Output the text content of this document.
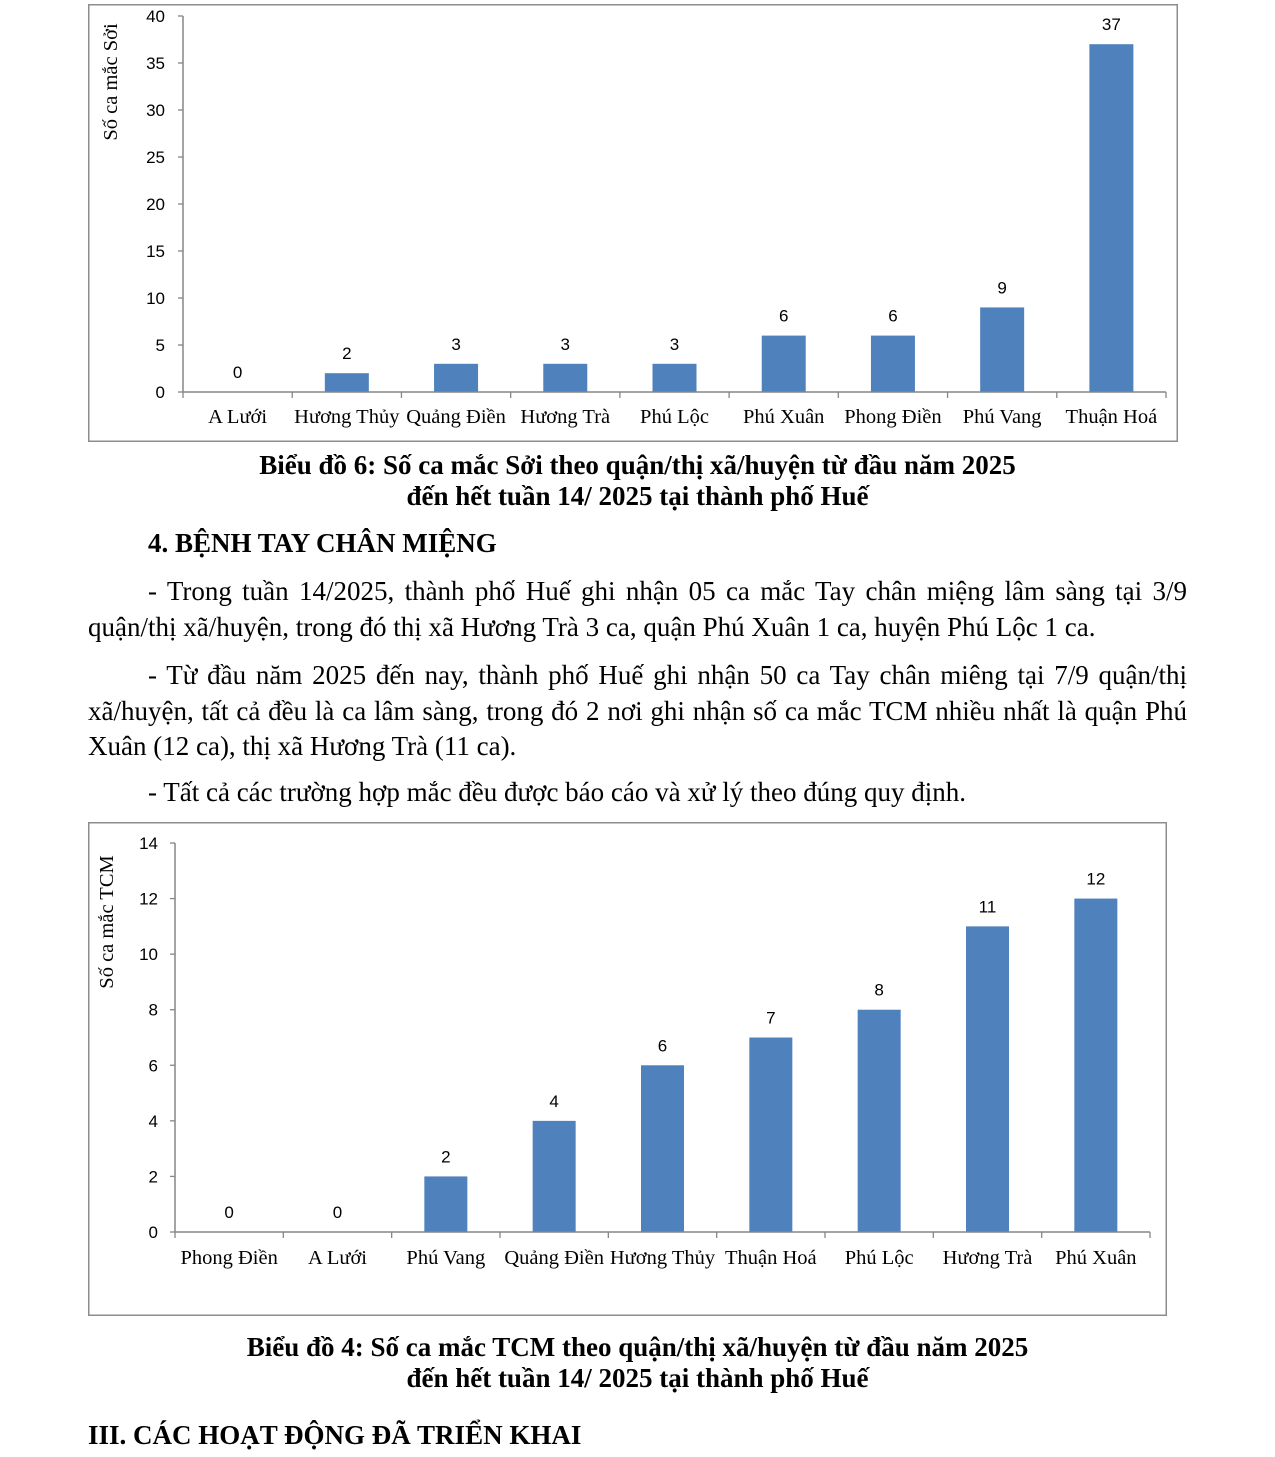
0
A Lưới
2
Hương Thủy
3
Quảng Điền
3
Hương Trà
3
Phú Lộc
6
Phú Xuân
6
Phong Điền
9
Phú Vang
37
Thuận Hoá
0
5
10
15
20
25
30
35
40
Số ca mắc Sởi
Biểu đồ 6: Số ca mắc Sởi theo quận/thị xã/huyện từ đầu năm 2025
đến hết tuần 14/ 2025 tại thành phố Huế
4. BỆNH TAY CHÂN MIỆNG

- Trong tuần 14/2025, thành phố Huế ghi nhận 05 ca mắc Tay chân miệng lâm sàng tại 3/9 quận/thị xã/huyện, trong đó thị xã Hương Trà 3 ca, quận Phú Xuân 1 ca, huyện Phú Lộc 1 ca.

- Từ đầu năm 2025 đến nay, thành phố Huế ghi nhận 50 ca Tay chân miêng tại 7/9 quận/thị xã/huyện, tất cả đều là ca lâm sàng, trong đó 2 nơi ghi nhận số ca mắc TCM nhiều nhất là quận Phú Xuân (12 ca), thị xã Hương Trà (11 ca).

- Tất cả các trường hợp mắc đều được báo cáo và xử lý theo đúng quy định.

0
Phong Điền
0
A Lưới
2
Phú Vang
4
Quảng Điền
6
Hương Thủy
7
Thuận Hoá
8
Phú Lộc
11
Hương Trà
12
Phú Xuân
0
2
4
6
8
10
12
14
Số ca mắc TCM
Biểu đồ 4: Số ca mắc TCM theo quận/thị xã/huyện từ đầu năm 2025
đến hết tuần 14/ 2025 tại thành phố Huế
III. CÁC HOẠT ĐỘNG ĐÃ TRIỂN KHAI
